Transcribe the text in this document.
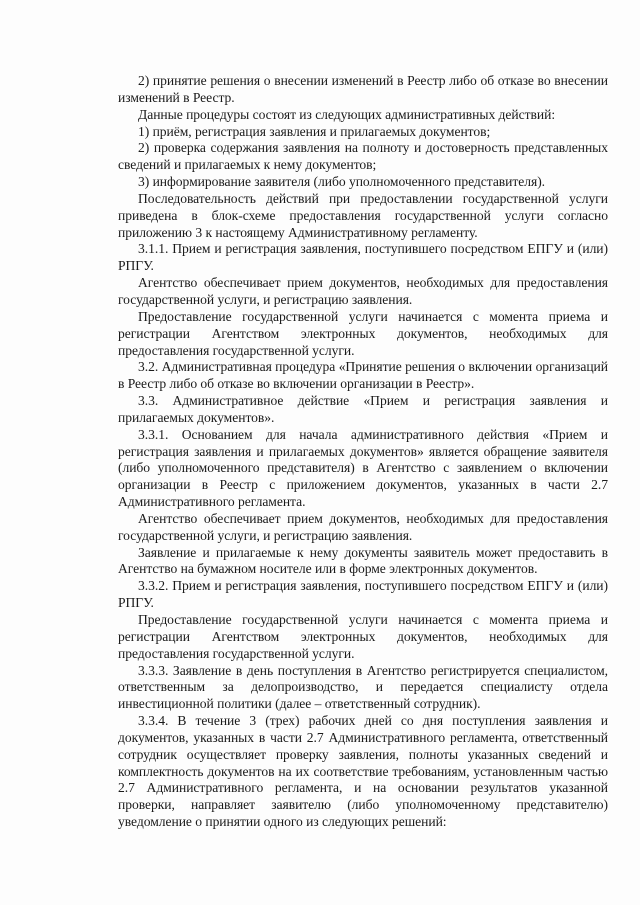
2) принятие решения о внесении изменений в Реестр либо об отказе во внесении изменений в Реестр.

Данные процедуры состоят из следующих административных действий:

1) приём, регистрация заявления и прилагаемых документов;

2) проверка содержания заявления на полноту и достоверность представленных сведений и прилагаемых к нему документов;

3) информирование заявителя (либо уполномоченного представителя).

Последовательность действий при предоставлении государственной услуги приведена в блок-схеме предоставления государственной услуги согласно приложению 3 к настоящему Административному регламенту.

3.1.1. Прием и регистрация заявления, поступившего посредством ЕПГУ и (или) РПГУ.

Агентство обеспечивает прием документов, необходимых для предоставления государственной услуги, и регистрацию заявления.

Предоставление государственной услуги начинается с момента приема и регистрации Агентством электронных документов, необходимых для предоставления государственной услуги.

3.2. Административная процедура «Принятие решения о включении организаций в Реестр либо об отказе во включении организации в Реестр».

3.3. Административное действие «Прием и регистрация заявления и прилагаемых документов».

3.3.1. Основанием для начала административного действия «Прием и регистрация заявления и прилагаемых документов» является обращение заявителя (либо уполномоченного представителя) в Агентство с заявлением о включении организации в Реестр с приложением документов, указанных в части 2.7 Административного регламента.

Агентство обеспечивает прием документов, необходимых для предоставления государственной услуги, и регистрацию заявления.

Заявление и прилагаемые к нему документы заявитель может предоставить в Агентство на бумажном носителе или в форме электронных документов.

3.3.2. Прием и регистрация заявления, поступившего посредством ЕПГУ и (или) РПГУ.

Предоставление государственной услуги начинается с момента приема и регистрации Агентством электронных документов, необходимых для предоставления государственной услуги.

3.3.3. Заявление в день поступления в Агентство регистрируется специалистом, ответственным за делопроизводство, и передается специалисту отдела инвестиционной политики (далее – ответственный сотрудник).

3.3.4. В течение 3 (трех) рабочих дней со дня поступления заявления и документов, указанных в части 2.7 Административного регламента, ответственный сотрудник осуществляет проверку заявления, полноты указанных сведений и комплектность документов на их соответствие требованиям, установленным частью 2.7 Административного регламента, и на основании результатов указанной проверки, направляет заявителю (либо уполномоченному представителю) уведомление о принятии одного из следующих решений:
